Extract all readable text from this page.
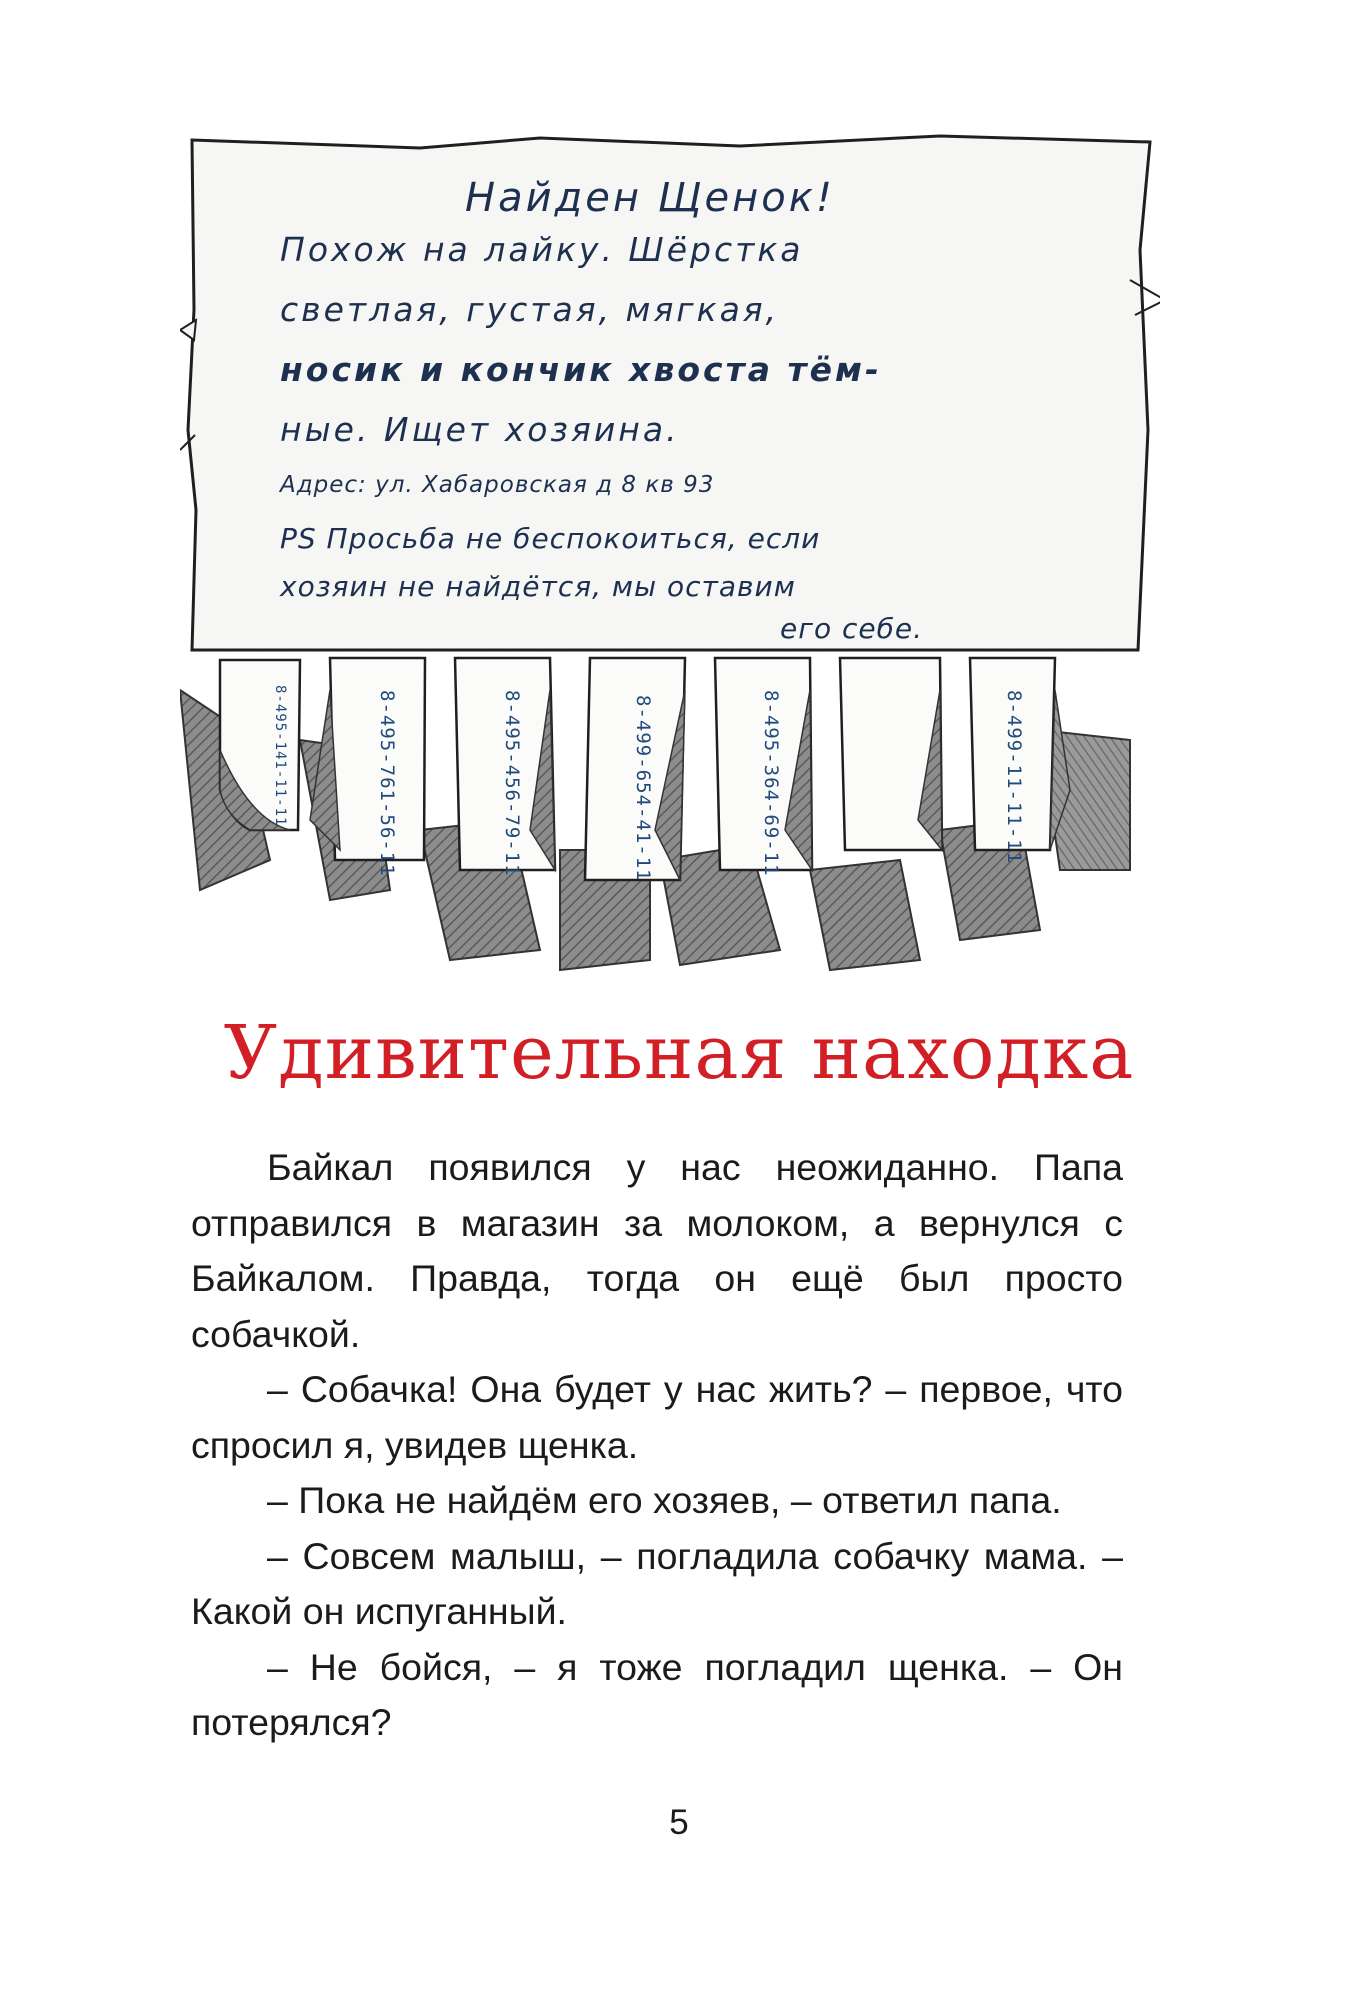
Найден Щенок!
Похож на лайку. Шёрстка
светлая, густая, мягкая,
носик и кончик хвоста тём-
ные. Ищет хозяина.
Адрес: ул. Хабаровская д 8 кв 93
PS Просьба не беспокоиться, если
хозяин не найдётся, мы оставим
его себе.
8-495-141-11-11	8-495-761-56-11	8-495-456-79-11	8-499-654-41-11	8-495-364-69-11	8-499-11-11-11
Удивительная находка

Байкал появился у нас неожиданно. Папа отправился в магазин за молоком, а вернулся с Байкалом. Правда, тогда он ещё был просто собачкой.

– Собачка! Она будет у нас жить? – первое, что спросил я, увидев щенка.

– Пока не найдём его хозяев, – ответил папа.

– Совсем малыш, – погладила собачку мама. – Какой он испуганный.

– Не бойся, – я тоже погладил щенка. – Он потерялся?

5
